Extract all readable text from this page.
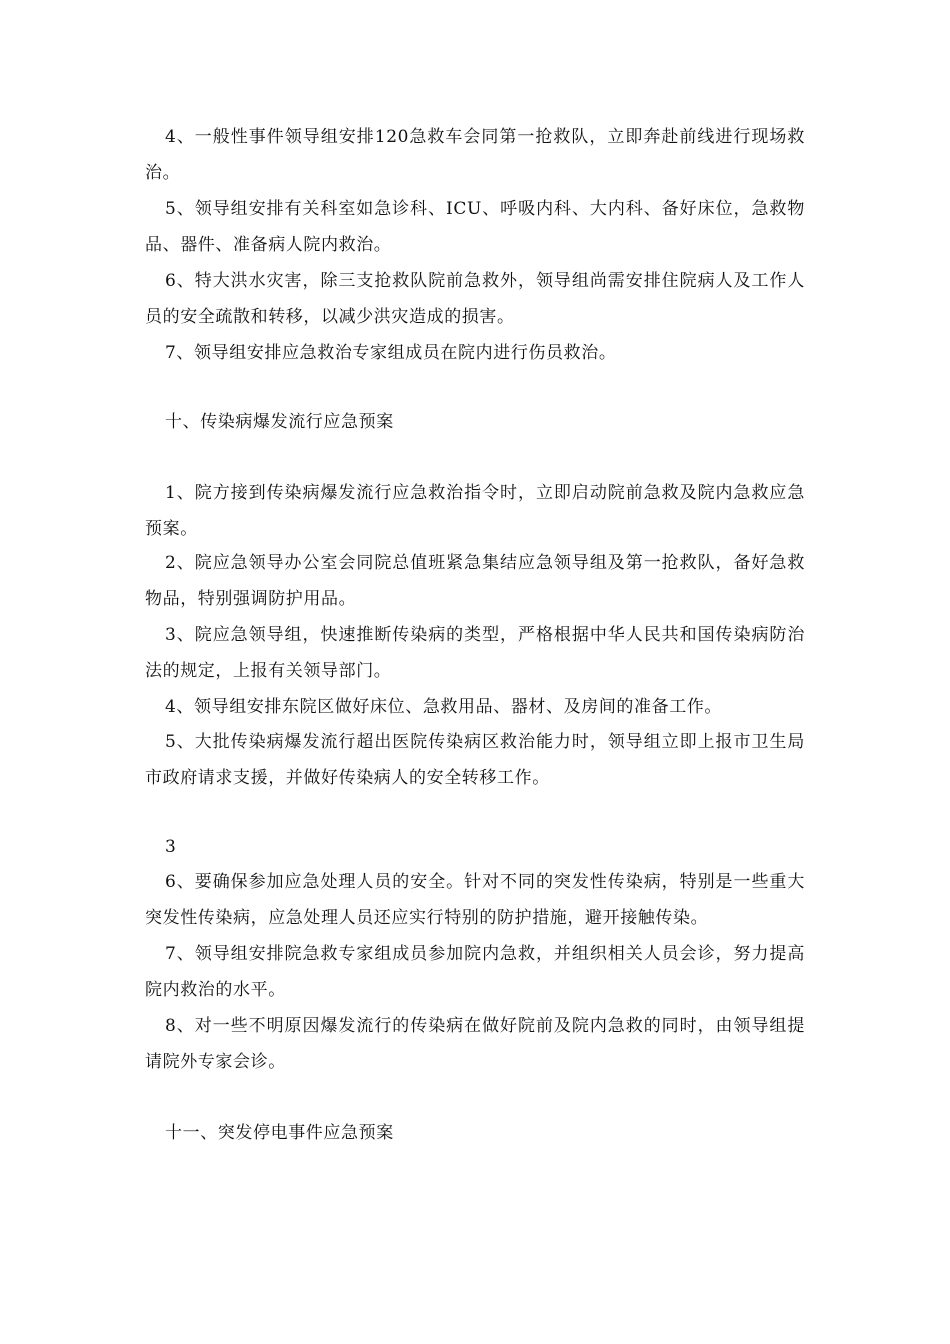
4、一般性事件领导组安排120急救车会同第一抢救队，立即奔赴前线进行现场救治。

5、领导组安排有关科室如急诊科、ICU、呼吸内科、大内科、备好床位，急救物品、器件、准备病人院内救治。

6、特大洪水灾害，除三支抢救队院前急救外，领导组尚需安排住院病人及工作人员的安全疏散和转移，以减少洪灾造成的损害。

7、领导组安排应急救治专家组成员在院内进行伤员救治。

十、传染病爆发流行应急预案

1、院方接到传染病爆发流行应急救治指令时，立即启动院前急救及院内急救应急预案。

2、院应急领导办公室会同院总值班紧急集结应急领导组及第一抢救队，备好急救物品，特别强调防护用品。

3、院应急领导组，快速推断传染病的类型，严格根据中华人民共和国传染病防治法的规定，上报有关领导部门。

4、领导组安排东院区做好床位、急救用品、器材、及房间的准备工作。

5、大批传染病爆发流行超出医院传染病区救治能力时，领导组立即上报市卫生局市政府请求支援，并做好传染病人的安全转移工作。

3

6、要确保参加应急处理人员的安全。针对不同的突发性传染病，特别是一些重大突发性传染病，应急处理人员还应实行特别的防护措施，避开接触传染。

7、领导组安排院急救专家组成员参加院内急救，并组织相关人员会诊，努力提高院内救治的水平。

8、对一些不明原因爆发流行的传染病在做好院前及院内急救的同时，由领导组提请院外专家会诊。

十一、突发停电事件应急预案
